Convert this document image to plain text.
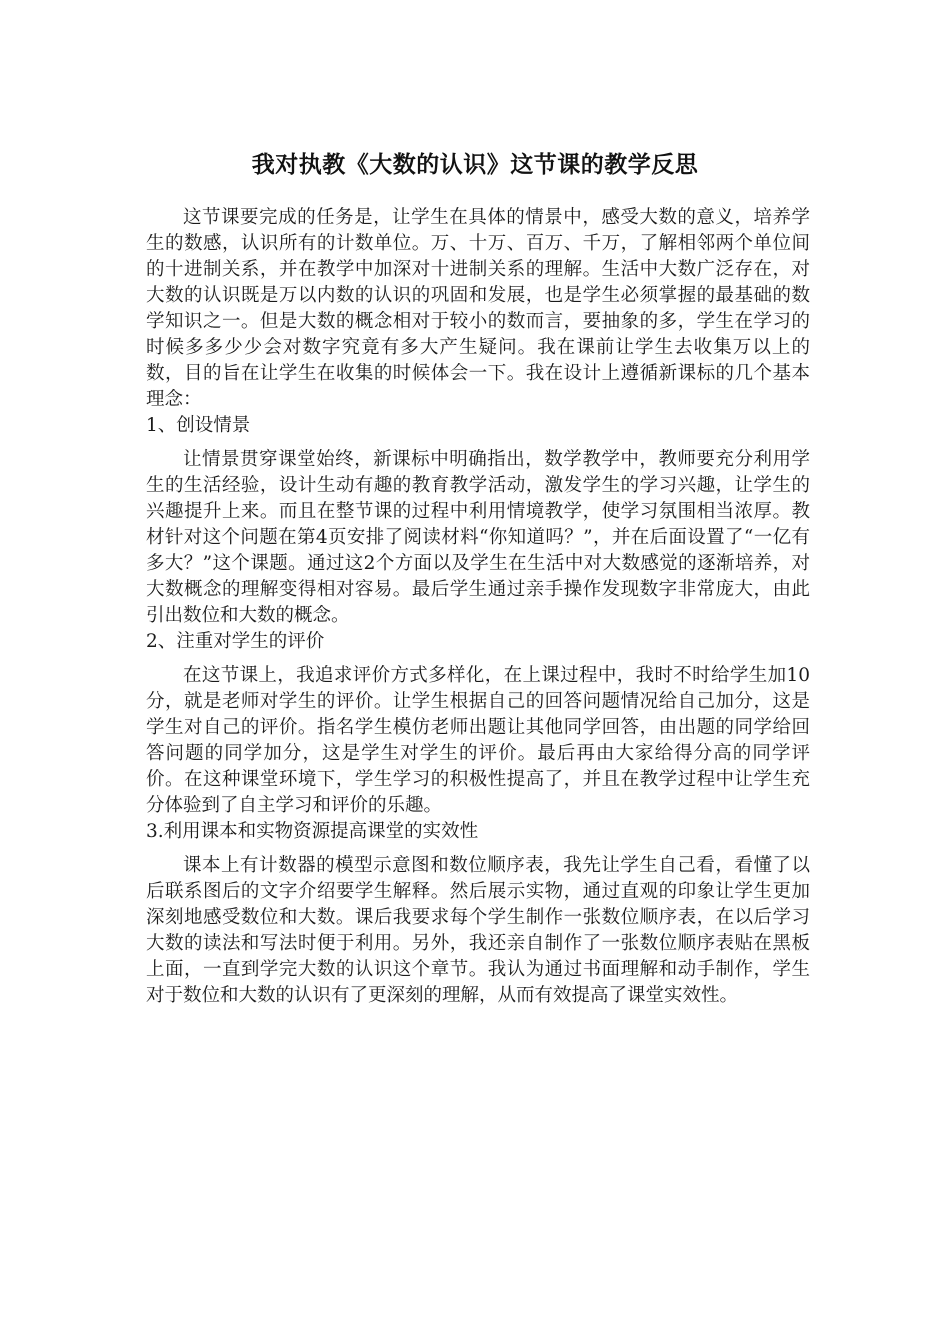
我对执教《大数的认识》这节课的教学反思

这节课要完成的任务是，让学生在具体的情景中，感受大数的意义，培养学生的数感，认识所有的计数单位。万、十万、百万、千万，了解相邻两个单位间的十进制关系，并在教学中加深对十进制关系的理解。生活中大数广泛存在，对大数的认识既是万以内数的认识的巩固和发展，也是学生必须掌握的最基础的数学知识之一。但是大数的概念相对于较小的数而言，要抽象的多，学生在学习的时候多多少少会对数字究竟有多大产生疑问。我在课前让学生去收集万以上的数，目的旨在让学生在收集的时候体会一下。我在设计上遵循新课标的几个基本理念：

1、创设情景

让情景贯穿课堂始终，新课标中明确指出，数学教学中，教师要充分利用学生的生活经验，设计生动有趣的教育教学活动，激发学生的学习兴趣，让学生的兴趣提升上来。而且在整节课的过程中利用情境教学，使学习氛围相当浓厚。教材针对这个问题在第4页安排了阅读材料“你知道吗？”，并在后面设置了“一亿有多大？”这个课题。通过这2个方面以及学生在生活中对大数感觉的逐渐培养，对大数概念的理解变得相对容易。最后学生通过亲手操作发现数字非常庞大，由此引出数位和大数的概念。

2、注重对学生的评价

在这节课上，我追求评价方式多样化，在上课过程中，我时不时给学生加10分，就是老师对学生的评价。让学生根据自己的回答问题情况给自己加分，这是学生对自己的评价。指名学生模仿老师出题让其他同学回答，由出题的同学给回答问题的同学加分，这是学生对学生的评价。最后再由大家给得分高的同学评价。在这种课堂环境下，学生学习的积极性提高了，并且在教学过程中让学生充分体验到了自主学习和评价的乐趣。

3.利用课本和实物资源提高课堂的实效性

课本上有计数器的模型示意图和数位顺序表，我先让学生自己看，看懂了以后联系图后的文字介绍要学生解释。然后展示实物，通过直观的印象让学生更加深刻地感受数位和大数。课后我要求每个学生制作一张数位顺序表，在以后学习大数的读法和写法时便于利用。另外，我还亲自制作了一张数位顺序表贴在黑板上面，一直到学完大数的认识这个章节。我认为通过书面理解和动手制作，学生对于数位和大数的认识有了更深刻的理解，从而有效提高了课堂实效性。
